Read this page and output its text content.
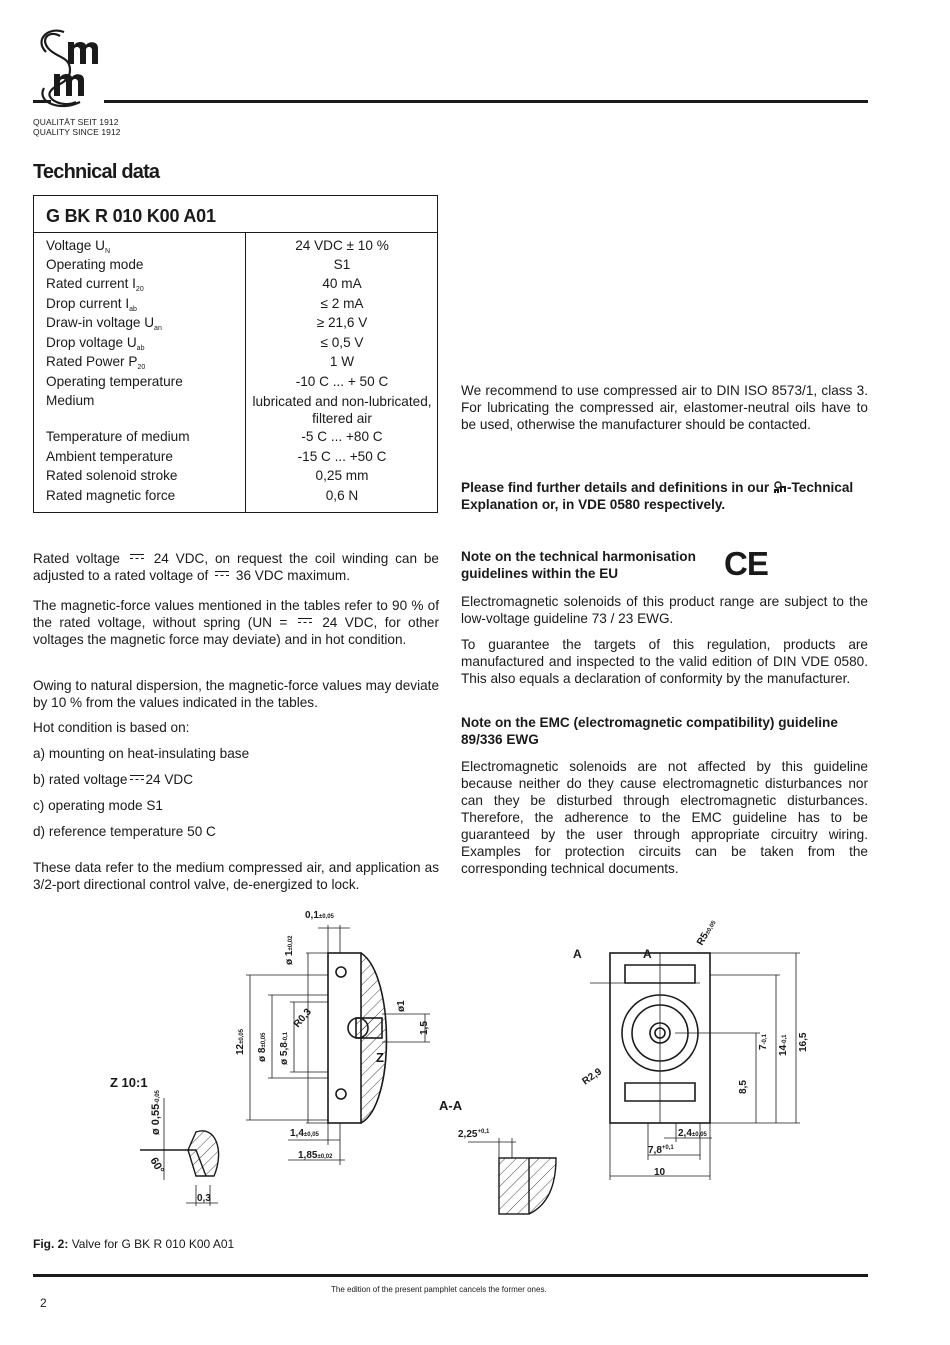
QUALITÄT SEIT 1912
QUALITY SINCE 1912
Technical data
G BK R 010 K00 A01
Voltage $U_N$	24 VDC ± 10 %
Operating mode	S1
Rated current $I_{20}$	40 mA
Drop current $I_{ab}$	≤ 2 mA
Draw-in voltage $U_{an}$	≥ 21,6 V
Drop voltage $U_{ab}$	≤ 0,5 V
Rated Power $P_{20}$	1 W
Operating temperature	-10 C ... + 50 C
Medium	lubricated and non-lubricated, filtered air
Temperature of medium	-5 C ... +80 C
Ambient temperature	-15 C ... +50 C
Rated solenoid stroke	0,25 mm
Rated magnetic force	0,6 N
We recommend to use compressed air to DIN ISO 8573/1, class 3. For lubricating the compressed air, elastomer-neutral oils have to be used, otherwise the manufacturer should be contacted.
Please find further details and definitions in our -Technical Explanation or, in VDE 0580 respectively.
Rated voltage 24 VDC, on request the coil winding can be adjusted to a rated voltage of 36 VDC maximum.
The magnetic-force values mentioned in the tables refer to 90 % of the rated voltage, without spring (UN =	24 VDC, for other voltages the magnetic force may deviate) and in hot condition.
Owing to natural dispersion, the magnetic-force values may deviate by 10 % from the values indicated in the tables.
Hot condition is based on:
a) mounting on heat-insulating base
b) rated voltage 24 VDC
c) operating mode S1
d) reference temperature 50 C
These data refer to the medium compressed air, and application as 3/2-port directional control valve, de-energized to lock.
Note on the technical harmonisation guidelines within the EU	CE
Electromagnetic solenoids of this product range are subject to the low-voltage guideline 73 / 23 EWG.
To guarantee the targets of this regulation, products are manufactured and inspected to the valid edition of DIN VDE 0580. This also equals a declaration of conformity by the manufacturer.
Note on the EMC (electromagnetic compatibility) guideline 89/336 EWG
Electromagnetic solenoids are not affected by this guideline because neither do they cause electromagnetic disturbances nor can they be disturbed through electromagnetic disturbances. Therefore, the adherence to the EMC guideline has to be guaranteed by the user through appropriate circuitry wiring. Examples for protection circuits can be taken from the corresponding technical documents.
0,1±0,05
ø 1±0,02
12±0,05
ø 8±0,05
ø 5,8-0,1
R0,3
ø1
1,5
Z
1,4±0,05
1,85±0,02
Z 10:1
ø 0,55-0,05
60°
0,3
A-A
$2,25^{+0,1}$
A	A
R5±0,05
R2,9
7-0,1
14-0,1 16,5
8,5
2,4±0,05
$7,8^{+0,1}$
10
Fig. 2: Valve for G BK R 010 K00 A01
The edition of the present pamphlet cancels the former ones.
2
